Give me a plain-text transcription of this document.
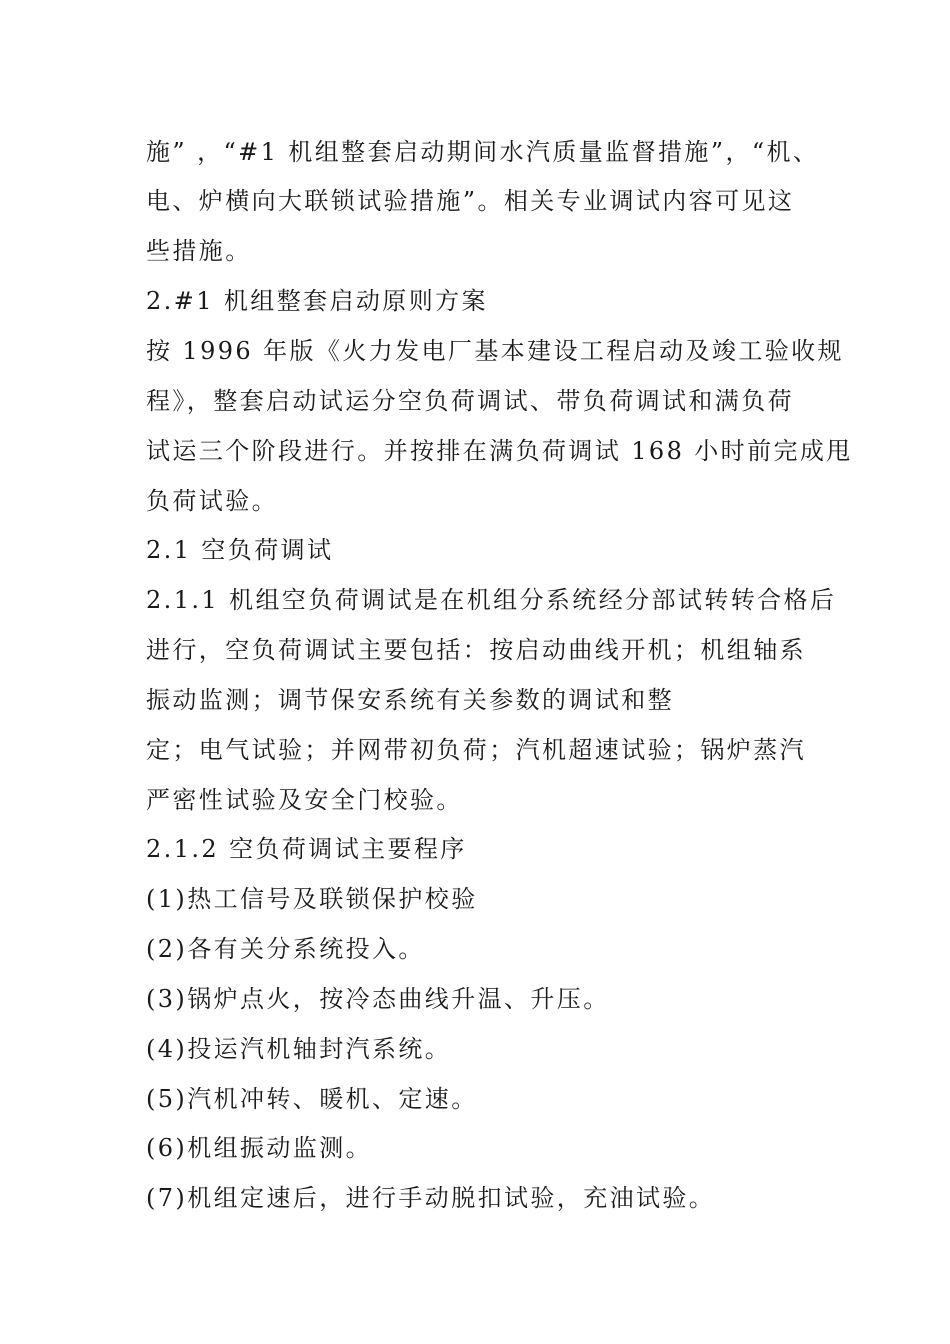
施” ，“#1 机组整套启动期间水汽质量监督措施”，“机、
电、炉横向大联锁试验措施”。相关专业调试内容可见这
些措施。
2.#1 机组整套启动原则方案
按 1996 年版《火力发电厂基本建设工程启动及竣工验收规
程》，整套启动试运分空负荷调试、带负荷调试和满负荷
试运三个阶段进行。并按排在满负荷调试 168 小时前完成甩
负荷试验。
2.1 空负荷调试
2.1.1 机组空负荷调试是在机组分系统经分部试转转合格后
进行，空负荷调试主要包括：按启动曲线开机；机组轴系
振动监测；调节保安系统有关参数的调试和整
定；电气试验；并网带初负荷；汽机超速试验；锅炉蒸汽
严密性试验及安全门校验。
2.1.2 空负荷调试主要程序
(1)热工信号及联锁保护校验
(2)各有关分系统投入。
(3)锅炉点火，按冷态曲线升温、升压。
(4)投运汽机轴封汽系统。
(5)汽机冲转、暖机、定速。
(6)机组振动监测。
(7)机组定速后，进行手动脱扣试验，充油试验。
